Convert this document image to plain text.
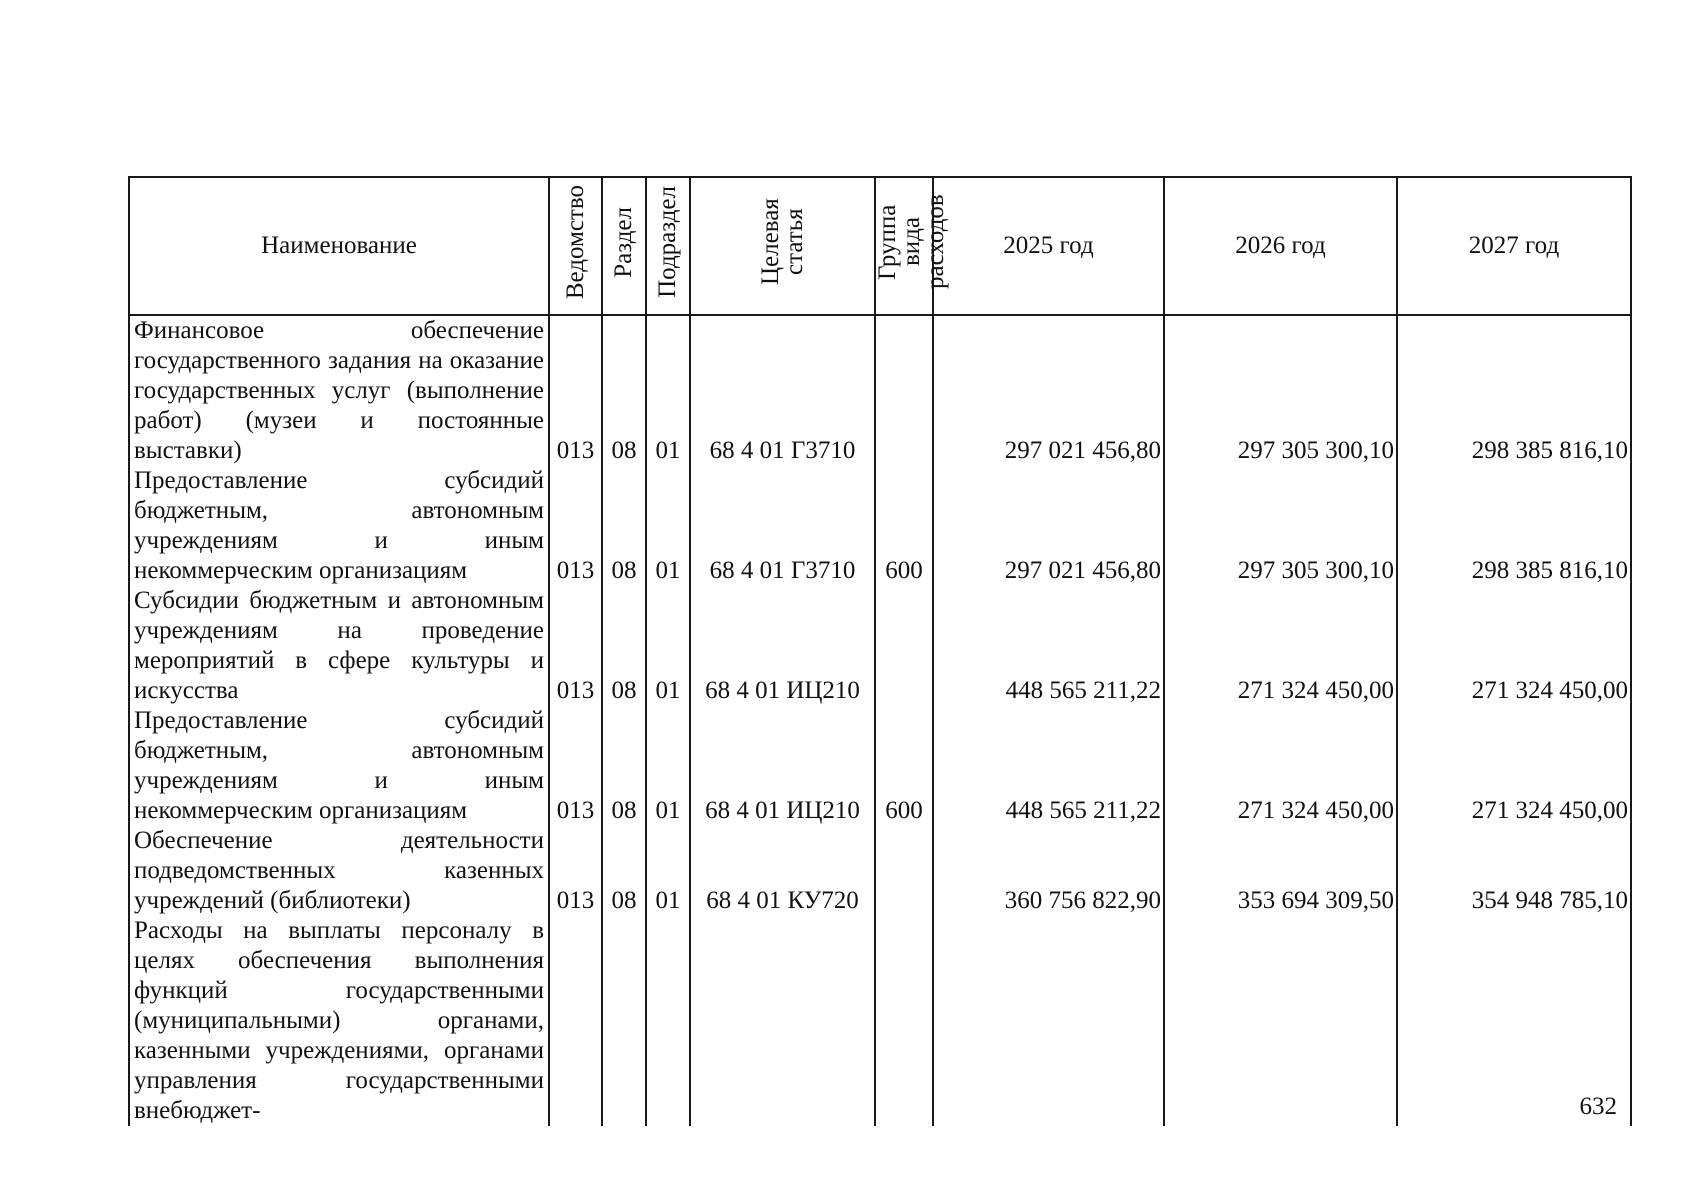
Наименование	Ведомство	Раздел	Подраздел	Целевая статья	Группа вида расходов	2025 год	2026 год	2027 год
Финансовое обеспечение государственного задания на оказание государственных услуг (выполнение работ) (музеи и постоянные выставки)	013	08	01	68 4 01 Г3710		297 021 456,80	297 305 300,10	298 385 816,10
Предоставление субсидий бюджетным, автономным учреждениям и иным некоммерческим организациям	013	08	01	68 4 01 Г3710	600	297 021 456,80	297 305 300,10	298 385 816,10
Субсидии бюджетным и автономным учреждениям на проведение мероприятий в сфере культуры и искусства	013	08	01	68 4 01 ИЦ210		448 565 211,22	271 324 450,00	271 324 450,00
Предоставление субсидий бюджетным, автономным учреждениям и иным некоммерческим организациям	013	08	01	68 4 01 ИЦ210	600	448 565 211,22	271 324 450,00	271 324 450,00
Обеспечение деятельности подведомственных казенных учреждений (библиотеки)	013	08	01	68 4 01 КУ720		360 756 822,90	353 694 309,50	354 948 785,10
Расходы на выплаты персоналу в целях обеспечения выполнения функций государственными (муниципальными) органами, казенными учреждениями, органами управления государственными внебюджет-									632
